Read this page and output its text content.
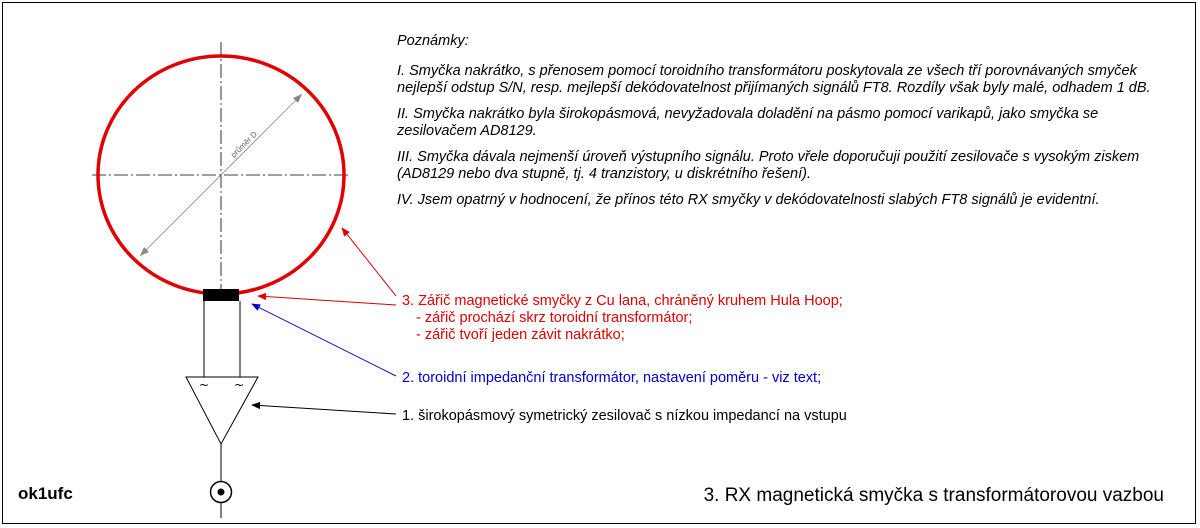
průměr D
~ ~
Poznámky:
I. Smyčka nakrátko, s přenosem pomocí toroidního transformátoru poskytovala ze všech tří porovnávaných smyček nejlepší odstup S/N, resp. mejlepší dekódovatelnost přijímaných signálů FT8. Rozdíly však byly malé, odhadem 1 dB.
II. Smyčka nakrátko byla širokopásmová, nevyžadovala doladění na pásmo pomocí varikapů, jako smyčka se zesilovačem AD8129.
III. Smyčka dávala nejmenší úroveň výstupního signálu. Proto vřele doporučuji použití zesilovače s vysokým ziskem (AD8129 nebo dva stupně, tj. 4 tranzistory, u diskrétního řešení).
IV. Jsem opatrný v hodnocení, že přínos této RX smyčky v dekódovatelnosti slabých FT8 signálů je evidentní.
3. Zářič magnetické smyčky z Cu lana, chráněný kruhem Hula Hoop;
- zářič prochází skrz toroidní transformátor;
- zářič tvoří jeden závit nakrátko;
2. toroidní impedanční transformátor, nastavení poměru - viz text;
1. širokopásmový symetrický zesilovač s nízkou impedancí na vstupu
ok1ufc	3. RX magnetická smyčka s transformátorovou vazbou
